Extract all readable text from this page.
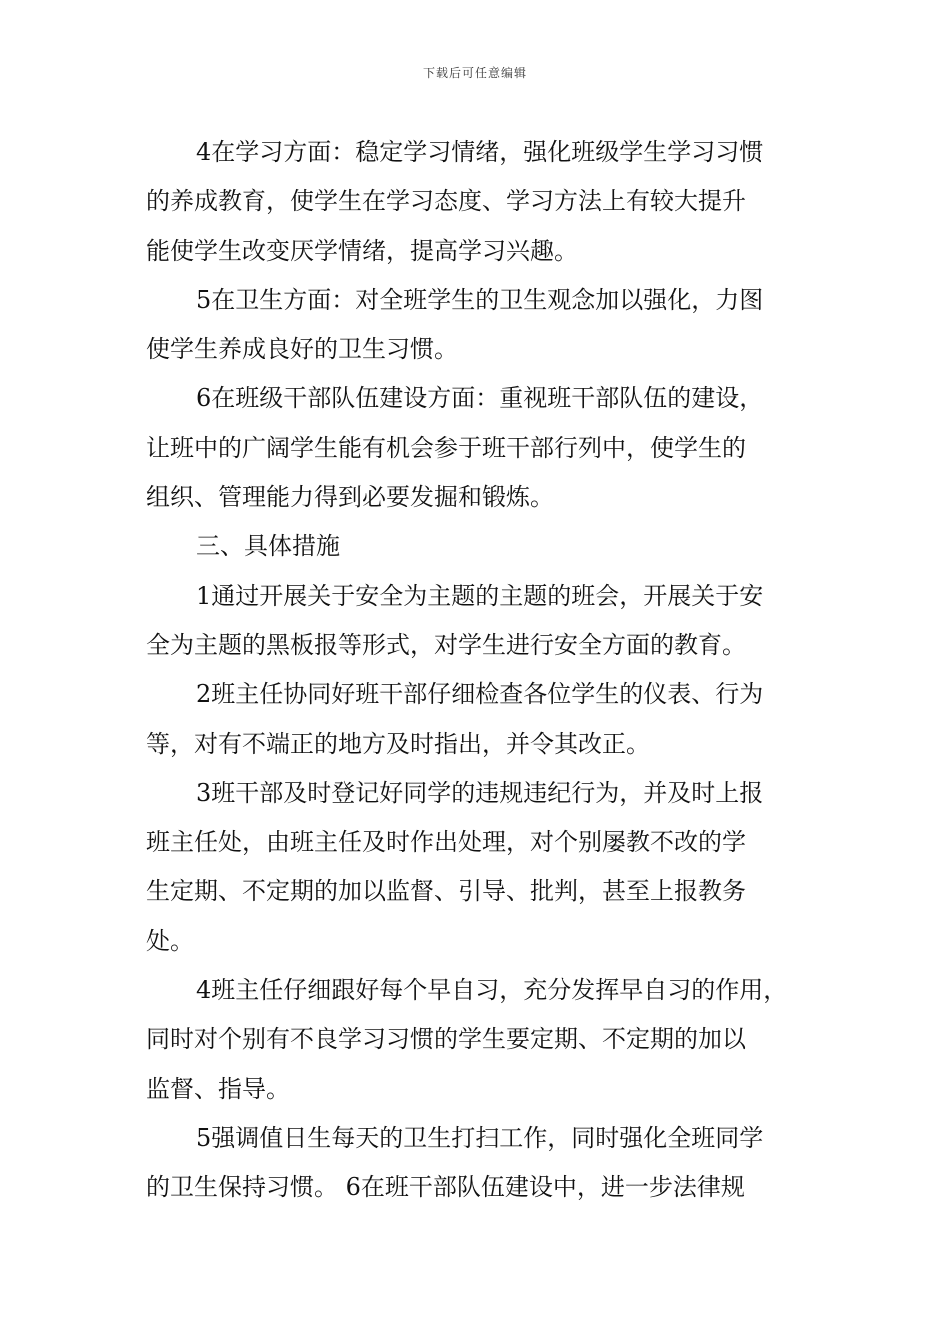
下载后可任意编辑
4在学习方面：稳定学习情绪，强化班级学生学习习惯
的养成教育，使学生在学习态度、学习方法上有较大提升
能使学生改变厌学情绪，提高学习兴趣。
5在卫生方面：对全班学生的卫生观念加以强化，力图
使学生养成良好的卫生习惯。
6在班级干部队伍建设方面：重视班干部队伍的建设，
让班中的广阔学生能有机会参于班干部行列中，使学生的
组织、管理能力得到必要发掘和锻炼。
三、具体措施
1通过开展关于安全为主题的主题的班会，开展关于安
全为主题的黑板报等形式，对学生进行安全方面的教育。
2班主任协同好班干部仔细检查各位学生的仪表、行为
等，对有不端正的地方及时指出，并令其改正。
3班干部及时登记好同学的违规违纪行为，并及时上报
班主任处，由班主任及时作出处理，对个别屡教不改的学
生定期、不定期的加以监督、引导、批判，甚至上报教务
处。
4班主任仔细跟好每个早自习，充分发挥早自习的作用，
同时对个别有不良学习习惯的学生要定期、不定期的加以
监督、指导。
5强调值日生每天的卫生打扫工作，同时强化全班同学
的卫生保持习惯。 6在班干部队伍建设中，进一步法律规
